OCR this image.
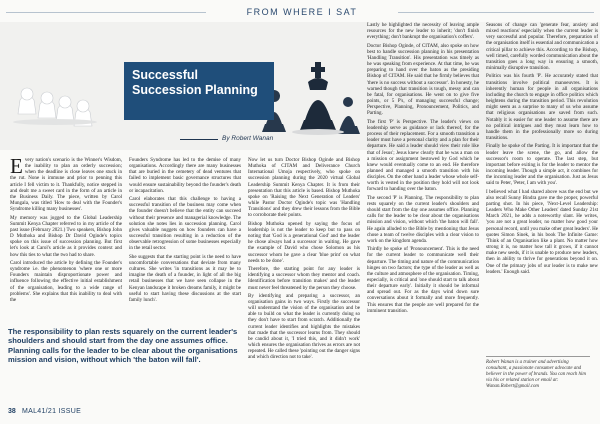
FROM WHERE I SAT
Successful Succession Planning
By Robert Wanan

Every nation's scenario is the Winner's Wisdom, the inability to plan an orderly succession; when the deadline is close leaves one stuck in the rut. None is immune and prior to penning this article I fell victim to it. Thankfully, notice stepped in and dealt me a sweet card in the form of an article in the Business Daily. The piece, written by Carol Mungala, was titled 'How to deal with the Founder's Syndrome killing many businesses'.

My memory was jogged to the Global Leadership Summit Kenya Chapter referred to in my article of the past issue (February 2021.) Two speakers, Bishop John D Muthoka and Bishop Dr David Oginde's topics spoke on this issue of succession planning. But first let's look at Carol's article as it provides context and how this ties to what the two had to share.

Carol introduced the article by defining the Founder's syndrome i.e. the phenomenon 'where one or more Founders maintain disproportionate power and influence following the effective initial establishment of the organisation, leading to a wide range of problems'. She explains that this inability to deal with the

Founders Syndrome has led to the demise of many organisations. Accordingly there are many businesses that are buried in the cemetery of dead ventures that failed to implement basic governance structures that would ensure sustainability beyond the founder's death or incapacitation.

Carol elaborates that this challenge to having a successful transition of the business may come when the founder doesn't believe that the entity can succeed without their presence and managerial knowledge. The solution she notes lies in succession planning. Carol gives valuable nuggets on how founders can have a successful transition resulting in a reduction of the observable retrogression of some businesses especially in the retail sector.

She suggests that the starting point is the need to have uncomfortable conversations that deviate from many cultures. She writes 'in transitions as it may be to imagine the death of a founder, in light of all the big retail businesses that we have seen collapse in the Kenyan landscape it broken dreams family, it might be useful to start having these discussions at the start family lunch'.

Now let us turn Doctor Bishop Oginde and Bishop Muthoka of CITAM and Deliverance Church International Umoja respectively, who spoke on succession planning during the 2020 virtual Global Leadership Summit Kenya Chapter. It is from their presentation that this article is based. Bishop Muthoka spoke on 'Raising the Next Generation of Leaders' while Pastor Doctor Oginde's topic was 'Handling Transitions' and they drew their lessons from the Bible to corroborate their points.

Bishop Muthoka opened by saying the focus of leadership is not the leader to keep but to pass on noting that 'God is a generational God' and the leader he chose always had a successor in waiting. He gave the example of David who chose Solomon as his successor whom he gave a clear 'blue print' on what needs to be done'.

Therefore, the starting point for any leader is identifying a successor whom they mentor and coach. Identification before transition makes' and the leader must never feel threatened by the person they choose.

By identifying and preparing a successor, an organisation gains in two ways. Firstly the successor will understand the vision of the organisation and be able to build on what the leader is currently doing so they don't have to start from scratch. Additionally the current leader identifies and highlights the mistakes that made that the successor learns from. They should be candid about it, 'I tried this, and it didn't work' which ensures the organisation thrives as errors are not repeated. He called these 'pointing out the danger signs and which direction not to take'.

Lastly he highlighted the necessity of leaving ample resources for the new leader to inherit; 'don't finish everything; don't bankrupt the organisation's coffers'.

Doctor Bishop Oginde, of CITAM, also spoke on how best to handle succession planning in his presentation 'Handling Transition'. His presentation was timely as he was speaking from experience. At that time, he was preparing to hand over the baton as the presiding Bishop of CITAM. He said that he firmly believes that 'there is no success without a successor'. In honesty, he warned though that transition is tough, messy and can be fatal, for organisations. He went on to give five points, or 5 P's, of managing successful change; Perspective, Planning, Pronouncement, Politics, and Parting.

The first 'P' is Perspective. The leader's views on leadership serve as guidance or lack thereof, for the process of their replacement. For a smooth transition a leader must have a personal clarity and a plan for their departure. He said a leader should view their role like that of Jesus'; Jesus knew clearly that he was a man on a mission or assignment bestowed by God which he knew would eventually come to an end. He therefore planned and managed a smooth transition with his disciples. On the other hand a leader whose whole self-worth is vested in the position they hold will not look forward to handing over the baton.

The second 'P' is Planning. The responsibility to plan rests squarely on the current leader's shoulders and should start from the day one assumes office. Planning calls for the leader to be clear about the organisations mission and vision, without which 'the baton will fall'. He again alluded to the Bible by mentioning that Jesus chose a team of twelve disciples with a clear vision to work on the kingdom agenda.

Thirdly he spoke of 'Pronouncement'. This is the need for the current leader to communicate well their departure. The timing and nature of the communication hinges on two factors; the type of the leader as well as the culture and atmosphere of the organisation. Timing, especially, is critical and 'one should start to talk about their departure early'. Initially it should be informal and spread out. For as the days wind down sure conversations about it formally and more frequently. This ensures that the people are well prepared for the imminent transition.

Seasons of change can 'generate fear, anxiety and mixed reactions' especially when the current leader is very successful and popular. Therefore, preparation of the organisation itself is essential and communication a critical pillar to achieve this. According to the Bishop, well timed, carefully worded communication about the transition goes a long way in ensuring a smooth, minimally disruptive transition.

Politics was his fourth 'P'. He accurately stated that transitions involve political manoeuvres. It is inherently human for people in all organisations including the church to engage in office politics which heightens during the transition period. This revolution might seem as a surprise to many of us who assume that religious organisations are saved from such. Notably it is easier for one leader to assume there are no political intrigues and they must learn how to handle them in the professionally more so during transitions.

Finally he spoke of the Parting. It is important that the leader leave the scene, the go, and allow the successor's room to operate. The last step, but important before exiting is for the leader to mentor the incoming leader. Though a simple act, it combines for the incoming leader and the organisation. Just as Jesus said to Peter, 'Peter, I am with you'.

I believed what I had shared above was the end but we also recall Sunny Bindra gave me the proper, powerful parting shot. In his piece, 'Next-Level Leadership: Leaders Who Make Other Leaders' dated Sunday 21st March 2021, he adds a noteworthy slant. He writes, 'you are not a great leader, no matter how good your personal record, until you make other great leaders'. He quotes Simon Sinek, in his book The Infinite Game: 'Think of an Organisation like a plant. No matter how strong it is, no matter how tall it grows, if it cannot make new seeds, if it is unable to produce new leaders, then in ability to thrive for generations beyond it on. One of the primary jobs of our leader is to make new leaders.' Enough said.

The responsibility to plan rests squarely on the current leader's shoulders and should start from the day one assumes office. Planning calls for the leader to be clear about the organisations mission and vision, without which 'the baton will fall'.	Robert Wanan is a trainer and advertising consultant, a passionate consumer advocate and believer in the power of brands. You can reach him via his or related station or email at: Wanan.Robert@gmail.com
38 MAL41/21 ISSUE
